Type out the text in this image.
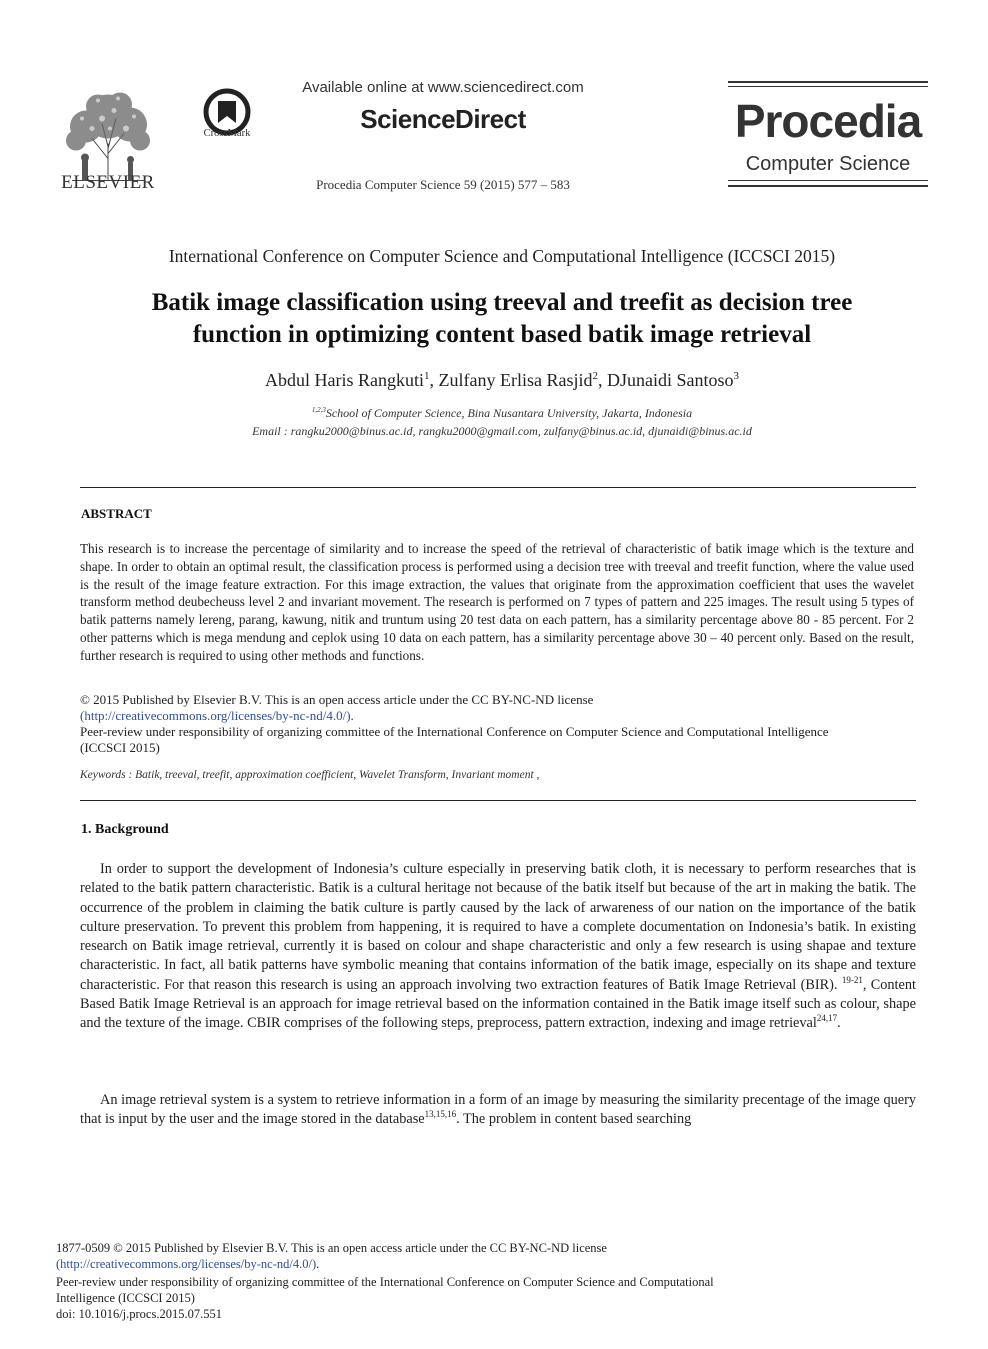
ELSEVIER
CrossMark
Available online at www.sciencedirect.com
ScienceDirect
Procedia Computer Science 59 (2015) 577 – 583
Procedia
Computer Science
International Conference on Computer Science and Computational Intelligence (ICCSCI 2015)
Batik image classification using treeval and treefit as decision tree
function in optimizing content based batik image retrieval
Abdul Haris Rangkuti$^1$, Zulfany Erlisa Rasjid$^2$, DJunaidi Santoso$^3$
$^{1,2,3}$School of Computer Science, Bina Nusantara University, Jakarta, Indonesia
Email : rangku2000@binus.ac.id, rangku2000@gmail.com, zulfany@binus.ac.id, djunaidi@binus.ac.id
ABSTRACT
This research is to increase the percentage of similarity and to increase the speed of the retrieval of characteristic of batik image which is the texture and shape. In order to obtain an optimal result, the classification process is performed using a decision tree with treeval and treefit function, where the value used is the result of the image feature extraction. For this image extraction, the values that originate from the approximation coefficient that uses the wavelet transform method deubecheuss level 2 and invariant movement. The research is performed on 7 types of pattern and 225 images. The result using 5 types of batik patterns namely lereng, parang, kawung, nitik and truntum using 20 test data on each pattern, has a similarity percentage above 80 - 85 percent. For 2 other patterns which is mega mendung and ceplok using 10 data on each pattern, has a similarity percentage above 30 – 40 percent only. Based on the result, further research is required to using other methods and functions.
© 2015 Published by Elsevier B.V. This is an open access article under the CC BY-NC-ND license
(http://creativecommons.org/licenses/by-nc-nd/4.0/).
Peer-review under responsibility of organizing committee of the International Conference on Computer Science and Computational Intelligence (ICCSCI 2015)
Keywords : Batik, treeval, treefit, approximation coefficient, Wavelet Transform, Invariant moment ,
1. Background
In order to support the development of Indonesia’s culture especially in preserving batik cloth, it is necessary to perform researches that is related to the batik pattern characteristic. Batik is a cultural heritage not because of the batik itself but because of the art in making the batik. The occurrence of the problem in claiming the batik culture is partly caused by the lack of arwareness of our nation on the importance of the batik culture preservation. To prevent this problem from happening, it is required to have a complete documentation on Indonesia’s batik. In existing research on Batik image retrieval, currently it is based on colour and shape characteristic and only a few research is using shapae and texture characteristic. In fact, all batik patterns have symbolic meaning that contains information of the batik image, especially on its shape and texture characteristic. For that reason this research is using an approach involving two extraction features of Batik Image Retrieval (BIR). $^{19-21}$, Content Based Batik Image Retrieval is an approach for image retrieval based on the information contained in the Batik image itself such as colour, shape and the texture of the image. CBIR comprises of the following steps, preprocess, pattern extraction, indexing and image retrieval$^{24,17}$.
An image retrieval system is a system to retrieve information in a form of an image by measuring the similarity precentage of the image query that is input by the user and the image stored in the database$^{13,15,16}$. The problem in content based searching
1877-0509 © 2015 Published by Elsevier B.V. This is an open access article under the CC BY-NC-ND license
(http://creativecommons.org/licenses/by-nc-nd/4.0/).
Peer-review under responsibility of organizing committee of the International Conference on Computer Science and Computational
Intelligence (ICCSCI 2015)
doi: 10.1016/j.procs.2015.07.551
